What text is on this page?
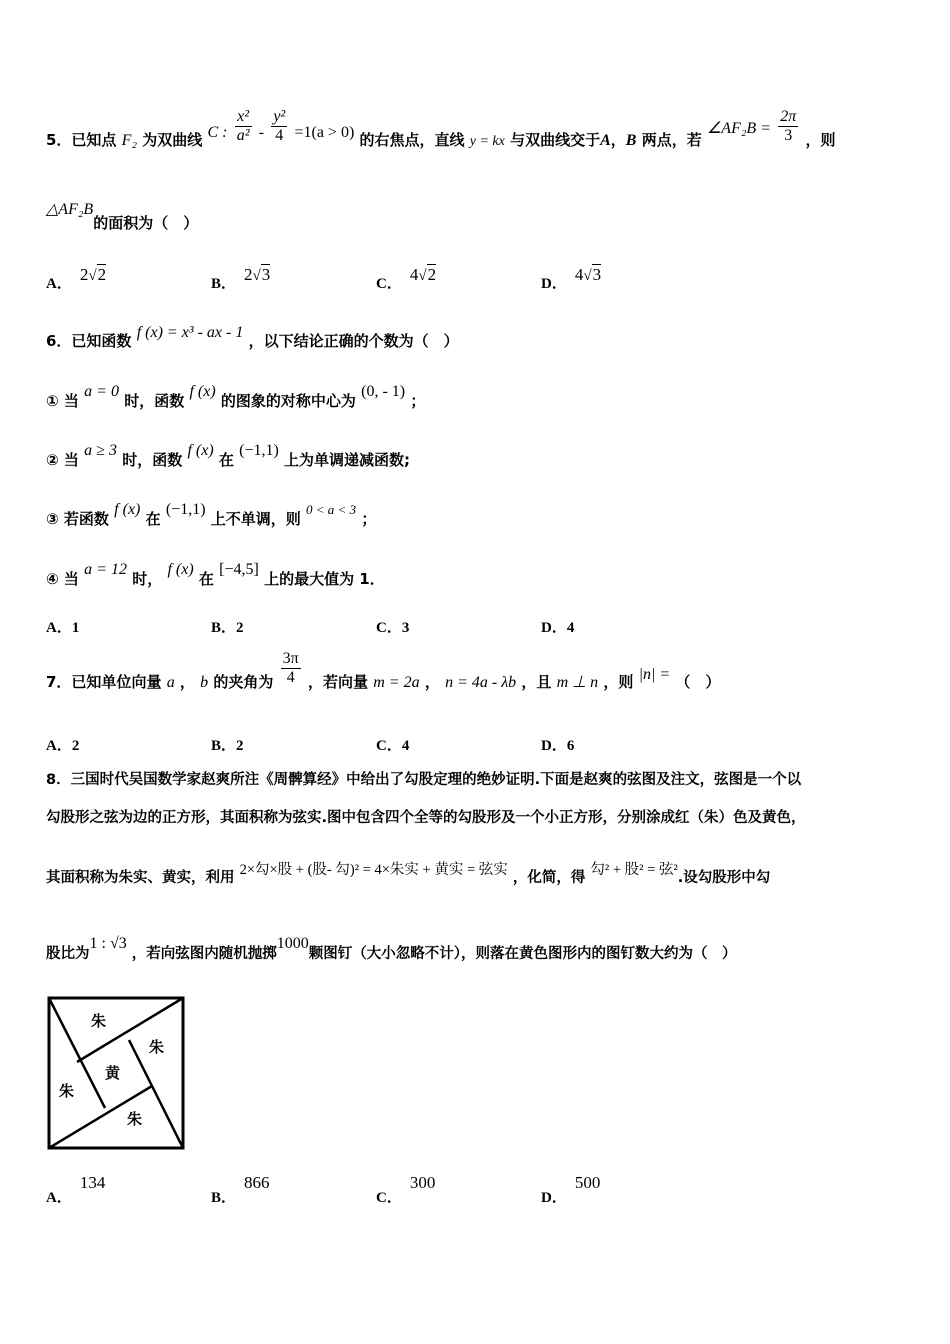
5．已知点 F₂ 为双曲线 C : $\frac{\text{x²}}{\text{a²}} - \frac{\text{y²}}{4} =1(a > 0)$ 的右焦点，直线 y = kx 与双曲线交于A，B 两点，若 ∠AF₂B = $\frac{2\pi}{3}$ ，则
△AF₂B的面积为（　）
A． 2√2	B． 2√3	C． 4√2	D． 4√3
6．已知函数 f (x) = x³ - ax - 1 ，以下结论正确的个数为（　）
① 当 a = 0 时，函数 f (x) 的图象的对称中心为 (0, - 1) ；
② 当 a ≥ 3 时，函数 f (x) 在 (−1,1) 上为单调递减函数;
③ 若函数 f (x) 在 (−1,1) 上不单调，则 0 < a < 3 ；
④ 当 a = 12 时， f (x) 在 [−4,5] 上的最大值为 1．
A．1	B．2	C．3	D．4
7．已知单位向量 a ， b 的夹角为 $\frac{3\pi}{4}$ ，若向量 m = 2a ， n = 4a - λb ，且 m ⊥ n ，则 |n| = （　）
A．2	B．2	C．4	D．6
8．三国时代吴国数学家赵爽所注《周髀算经》中给出了勾股定理的绝妙证明.下面是赵爽的弦图及注文，弦图是一个以
勾股形之弦为边的正方形，其面积称为弦实.图中包含四个全等的勾股形及一个小正方形，分别涂成红（朱）色及黄色，
其面积称为朱实、黄实，利用 2×勾×股 + (股- 勾)² = 4×朱实 + 黄实 = 弦实 ，化简，得 勾² + 股² = 弦².设勾股形中勾
股比为1 : √3 ，若向弦图内随机抛掷1000颗图钉（大小忽略不计），则落在黄色图形内的图钉数大约为（　）
朱
朱
黄
朱
朱
A．134
B．866
C．300
D．500
